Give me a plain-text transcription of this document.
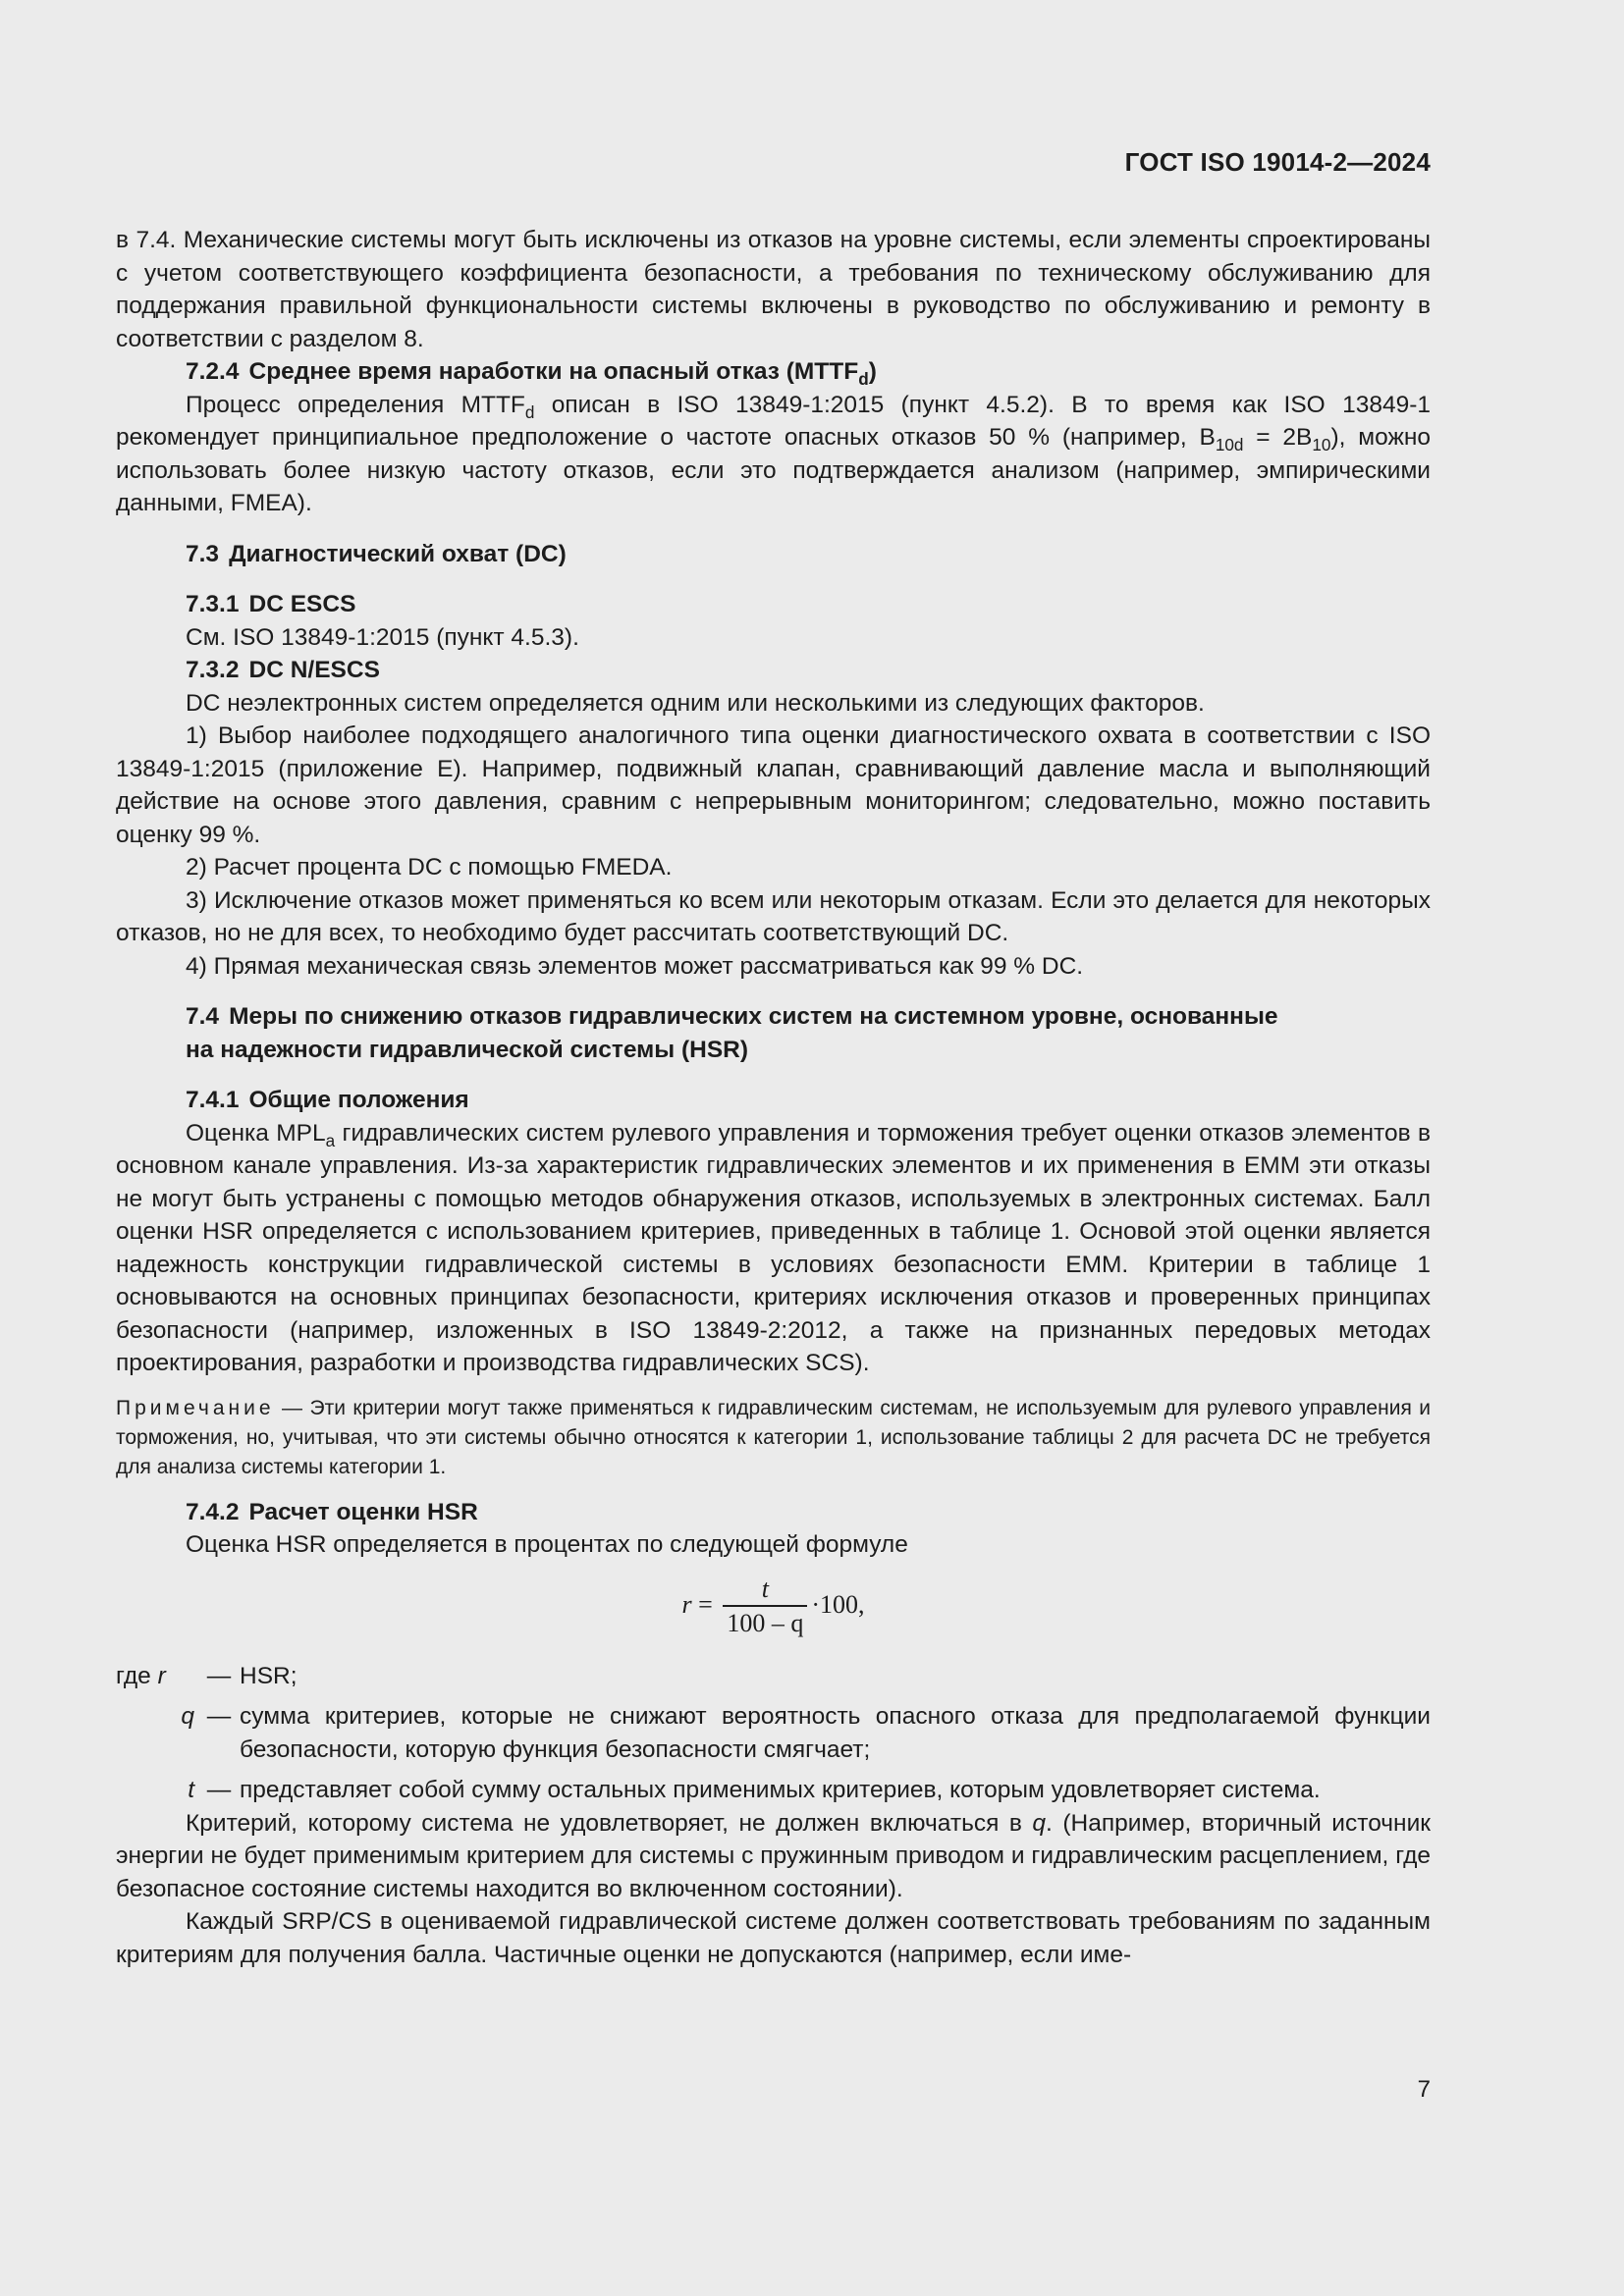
ГОСТ ISO 19014-2—2024

в 7.4. Механические системы могут быть исключены из отказов на уровне системы, если элементы спроектированы с учетом соответствующего коэффициента безопасности, а требования по техническому обслуживанию для поддержания правильной функциональности системы включены в руководство по обслуживанию и ремонту в соответствии с разделом 8.

7.2.4 Среднее время наработки на опасный отказ $(MTTF_d)$

Процесс определения $MTTF_d$ описан в ISO 13849-1:2015 (пункт 4.5.2). В то время как ISO 13849-1 рекомендует принципиальное предположение о частоте опасных отказов 50 % (например, $B_{10d} = 2B_{10}$), можно использовать более низкую частоту отказов, если это подтверждается анализом (например, эмпирическими данными, FMEA).

7.3 Диагностический охват (DC)

7.3.1 DC ESCS

См. ISO 13849-1:2015 (пункт 4.5.3).

7.3.2 DC N/ESCS

DC неэлектронных систем определяется одним или несколькими из следующих факторов.

1) Выбор наиболее подходящего аналогичного типа оценки диагностического охвата в соответствии с ISO 13849-1:2015 (приложение E). Например, подвижный клапан, сравнивающий давление масла и выполняющий действие на основе этого давления, сравним с непрерывным мониторингом; следовательно, можно поставить оценку 99 %.

2) Расчет процента DC с помощью FMEDA.

3) Исключение отказов может применяться ко всем или некоторым отказам. Если это делается для некоторых отказов, но не для всех, то необходимо будет рассчитать соответствующий DC.

4) Прямая механическая связь элементов может рассматриваться как 99 % DC.

7.4 Меры по снижению отказов гидравлических систем на системном уровне, основанные
на надежности гидравлической системы (HSR)

7.4.1 Общие положения

Оценка $MPL_a$ гидравлических систем рулевого управления и торможения требует оценки отказов элементов в основном канале управления. Из-за характеристик гидравлических элементов и их применения в ЕММ эти отказы не могут быть устранены с помощью методов обнаружения отказов, используемых в электронных системах. Балл оценки HSR определяется с использованием критериев, приведенных в таблице 1. Основой этой оценки является надежность конструкции гидравлической системы в условиях безопасности ЕММ. Критерии в таблице 1 основываются на основных принципах безопасности, критериях исключения отказов и проверенных принципах безопасности (например, изложенных в ISO 13849-2:2012, а также на признанных передовых методах проектирования, разработки и производства гидравлических SCS).

Примечание — Эти критерии могут также применяться к гидравлическим системам, не используемым для рулевого управления и торможения, но, учитывая, что эти системы обычно относятся к категории 1, использование таблицы 2 для расчета DC не требуется для анализа системы категории 1.

7.4.2 Расчет оценки HSR

Оценка HSR определяется в процентах по следующей формуле

$r = \frac{t}{100 - q} \cdot 100$,
где r	—	HSR;
q	—	сумма критериев, которые не снижают вероятность опасного отказа для предполагаемой функции безопасности, которую функция безопасности смягчает;
t	—	представляет собой сумму остальных применимых критериев, которым удовлетворяет система.

Критерий, которому система не удовлетворяет, не должен включаться в q. (Например, вторичный источник энергии не будет применимым критерием для системы с пружинным приводом и гидравлическим расцеплением, где безопасное состояние системы находится во включенном состоянии).

Каждый SRP/CS в оцениваемой гидравлической системе должен соответствовать требованиям по заданным критериям для получения балла. Частичные оценки не допускаются (например, если име-

7
